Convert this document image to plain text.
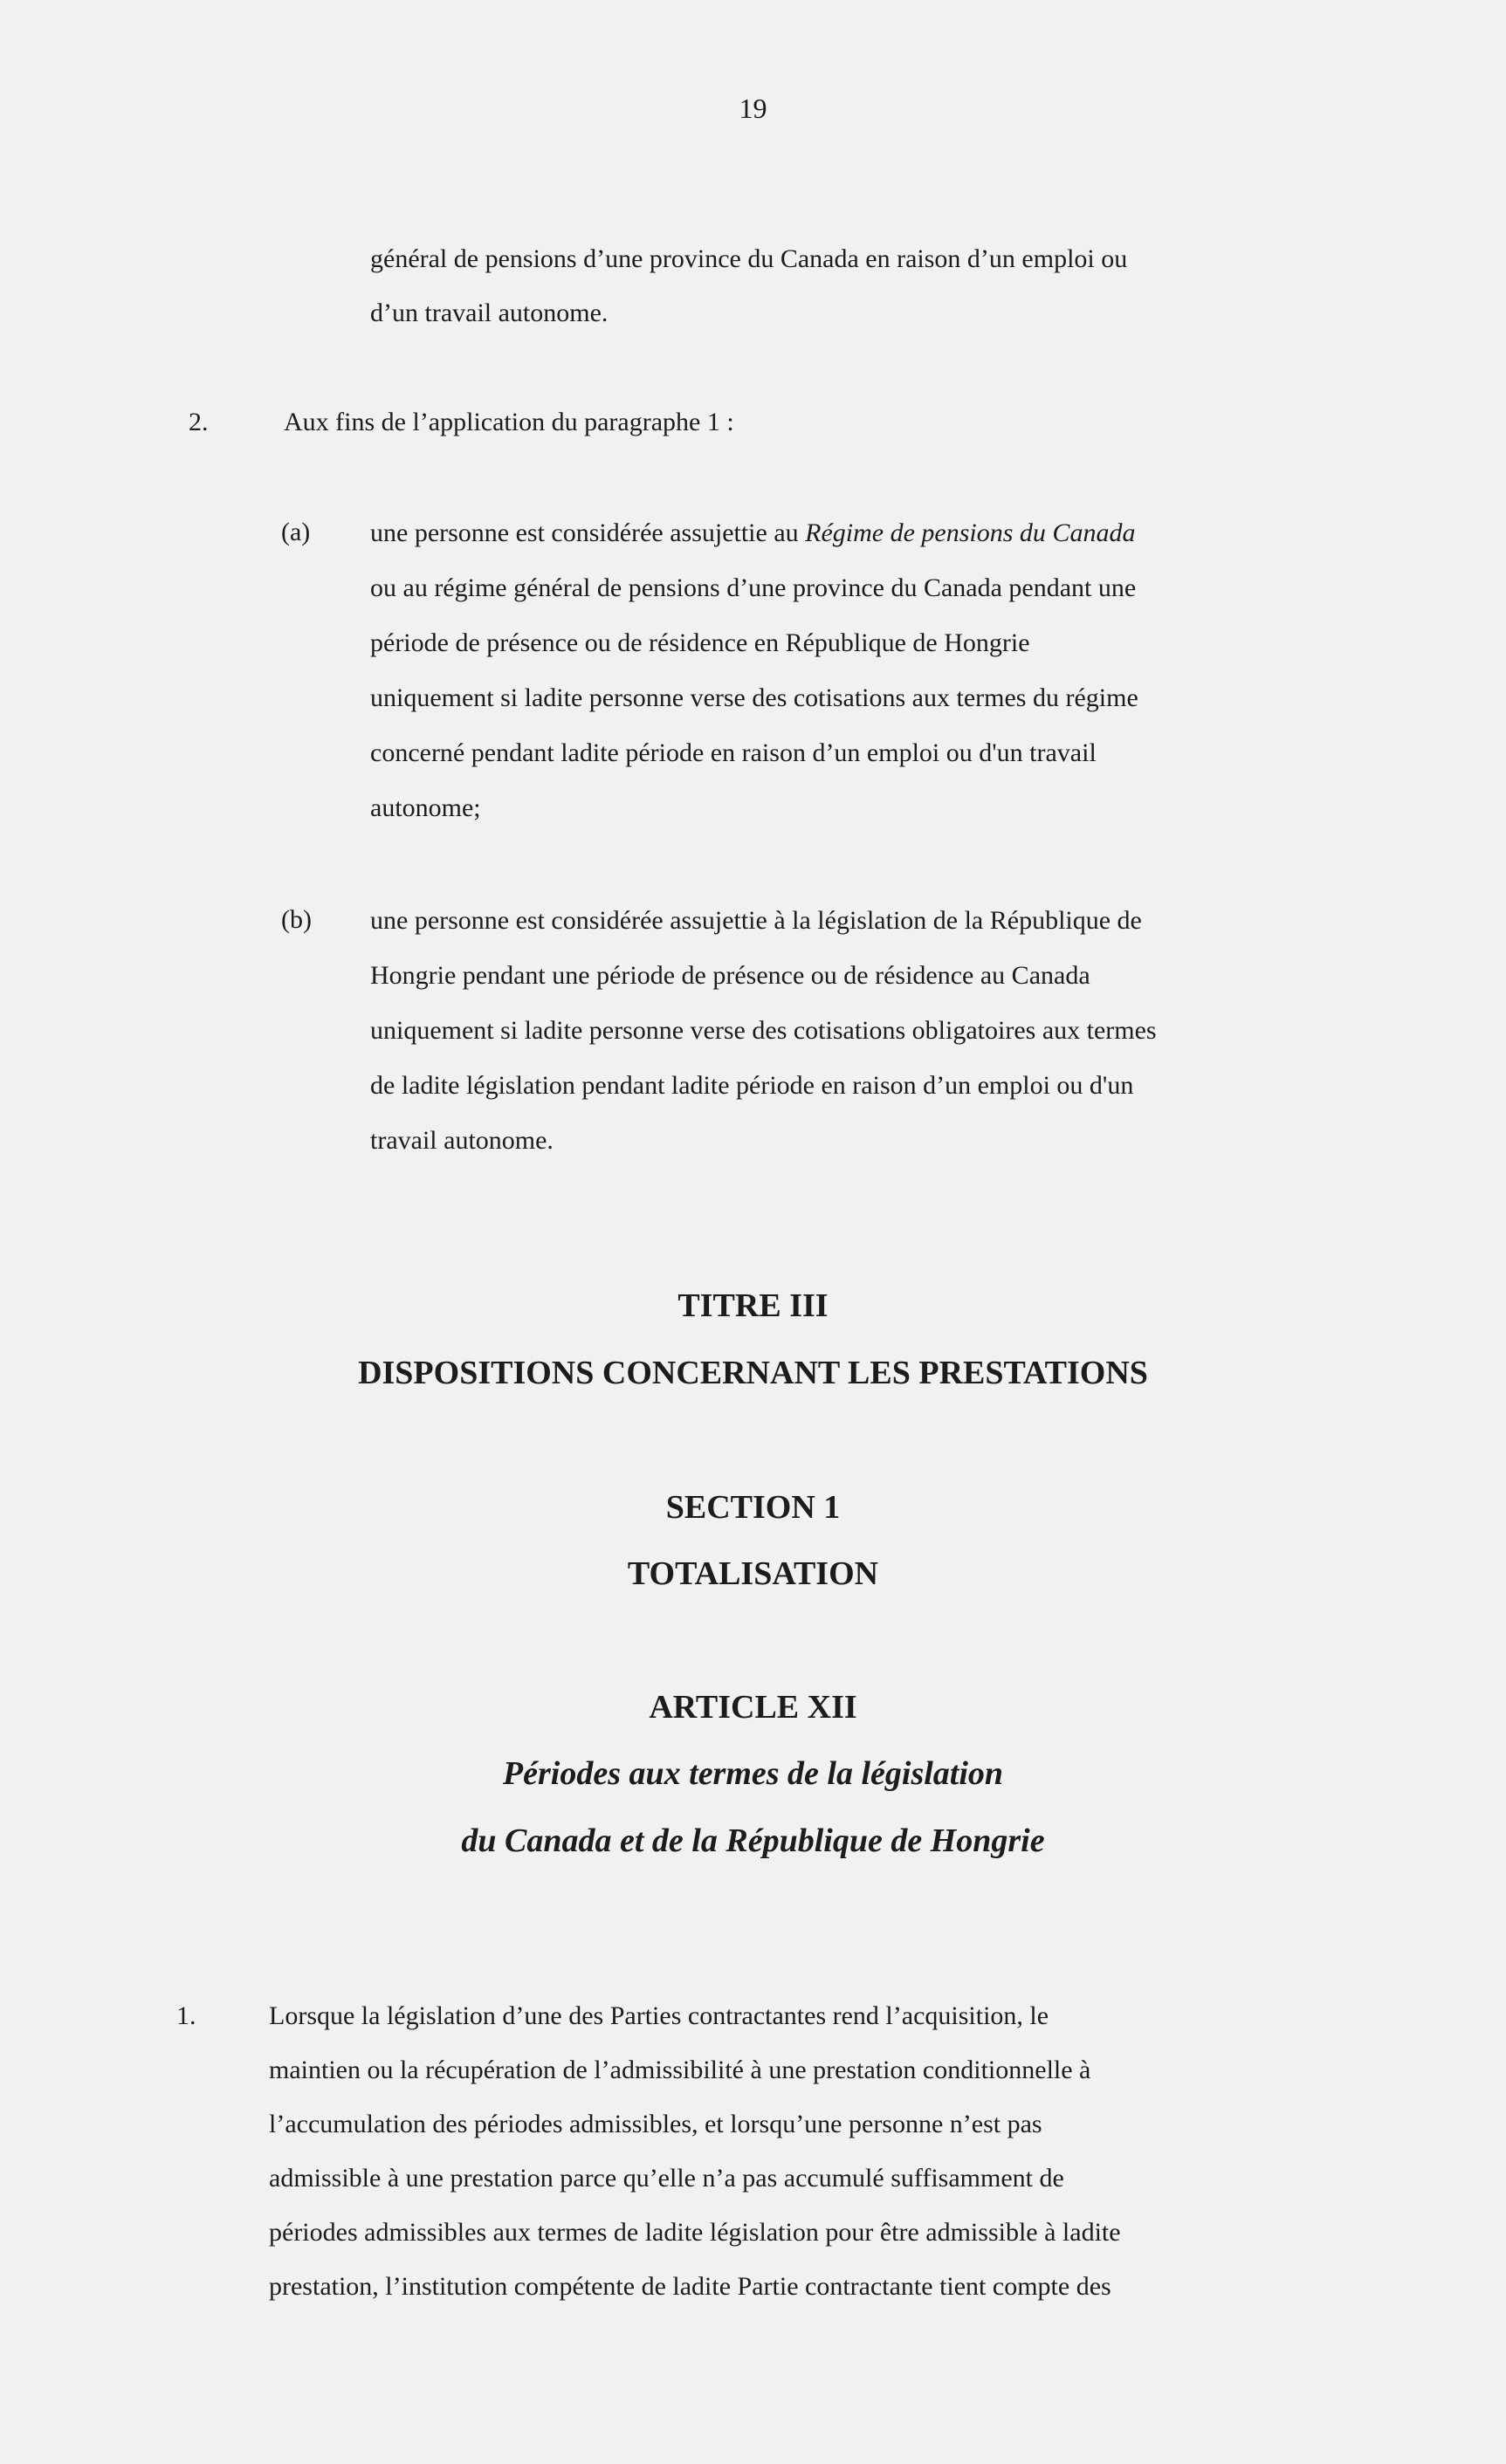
19

général de pensions d’une province du Canada en raison d’un emploi ou

d’un travail autonome.

2.	Aux fins de l’application du paragraphe 1 :
(a) une personne est considérée assujettie au Régime de pensions du Canada

ou au régime général de pensions d’une province du Canada pendant une

période de présence ou de résidence en République de Hongrie

uniquement si ladite personne verse des cotisations aux termes du régime

concerné pendant ladite période en raison d’un emploi ou d'un travail

autonome;

(b) une personne est considérée assujettie à la législation de la République de

Hongrie pendant une période de présence ou de résidence au Canada

uniquement si ladite personne verse des cotisations obligatoires aux termes

de ladite législation pendant ladite période en raison d’un emploi ou d'un

travail autonome.

TITRE III
DISPOSITIONS CONCERNANT LES PRESTATIONS
SECTION 1
TOTALISATION
ARTICLE XII
Périodes aux termes de la législation
du Canada et de la République de Hongrie
1.	Lorsque la législation d’une des Parties contractantes rend l’acquisition, le

maintien ou la récupération de l’admissibilité à une prestation conditionnelle à

l’accumulation des périodes admissibles, et lorsqu’une personne n’est pas

admissible à une prestation parce qu’elle n’a pas accumulé suffisamment de

périodes admissibles aux termes de ladite législation pour être admissible à ladite

prestation, l’institution compétente de ladite Partie contractante tient compte des
